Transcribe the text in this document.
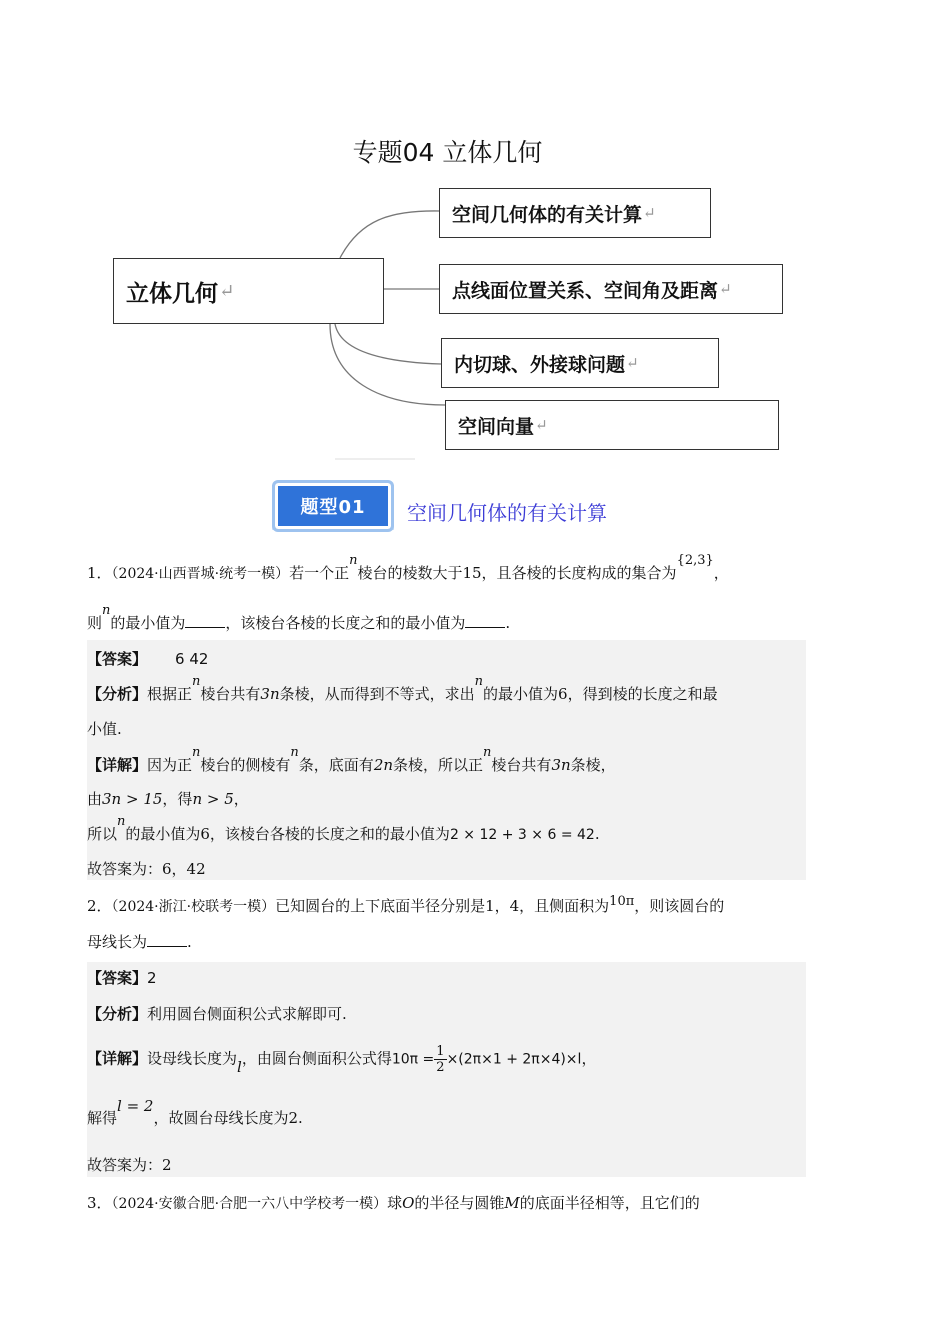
专题04 立体几何
立体几何 ↵
空间几何体的有关计算 ↵
点线面位置关系、空间角及距离 ↵
内切球、外接球问题 ↵
空间向量 ↵
题型01	空间几何体的有关计算
1．（2024·山西晋城·统考一模）若一个正n棱台的棱数大于15，且各棱的长度构成的集合为{2,3}，
则n的最小值为	，该棱台各棱的长度之和的最小值为	.
【答案】 6 42
【分析】根据正n棱台共有3n条棱，从而得到不等式，求出n的最小值为6，得到棱的长度之和最
小值.
【详解】因为正n棱台的侧棱有n条，底面有2n条棱，所以正n棱台共有3n条棱，
由3n > 15，得n > 5，
所以n的最小值为6，该棱台各棱的长度之和的最小值为2 × 12 + 3 × 6 = 42.
故答案为：6，42
2．（2024·浙江·校联考一模）已知圆台的上下底面半径分别是1，4，且侧面积为10π，则该圆台的
母线长为	.
【答案】2
【分析】利用圆台侧面积公式求解即可.
【详解】设母线长度为l，由圆台侧面积公式得$10\pi = \frac{1}{2} \times(2\pi\times 1 + 2\pi\times 4)\times l$，
解得l = 2，故圆台母线长度为2.
故答案为：2
3．（2024·安徽合肥·合肥一六八中学校考一模）球O的半径与圆锥M的底面半径相等，且它们的
